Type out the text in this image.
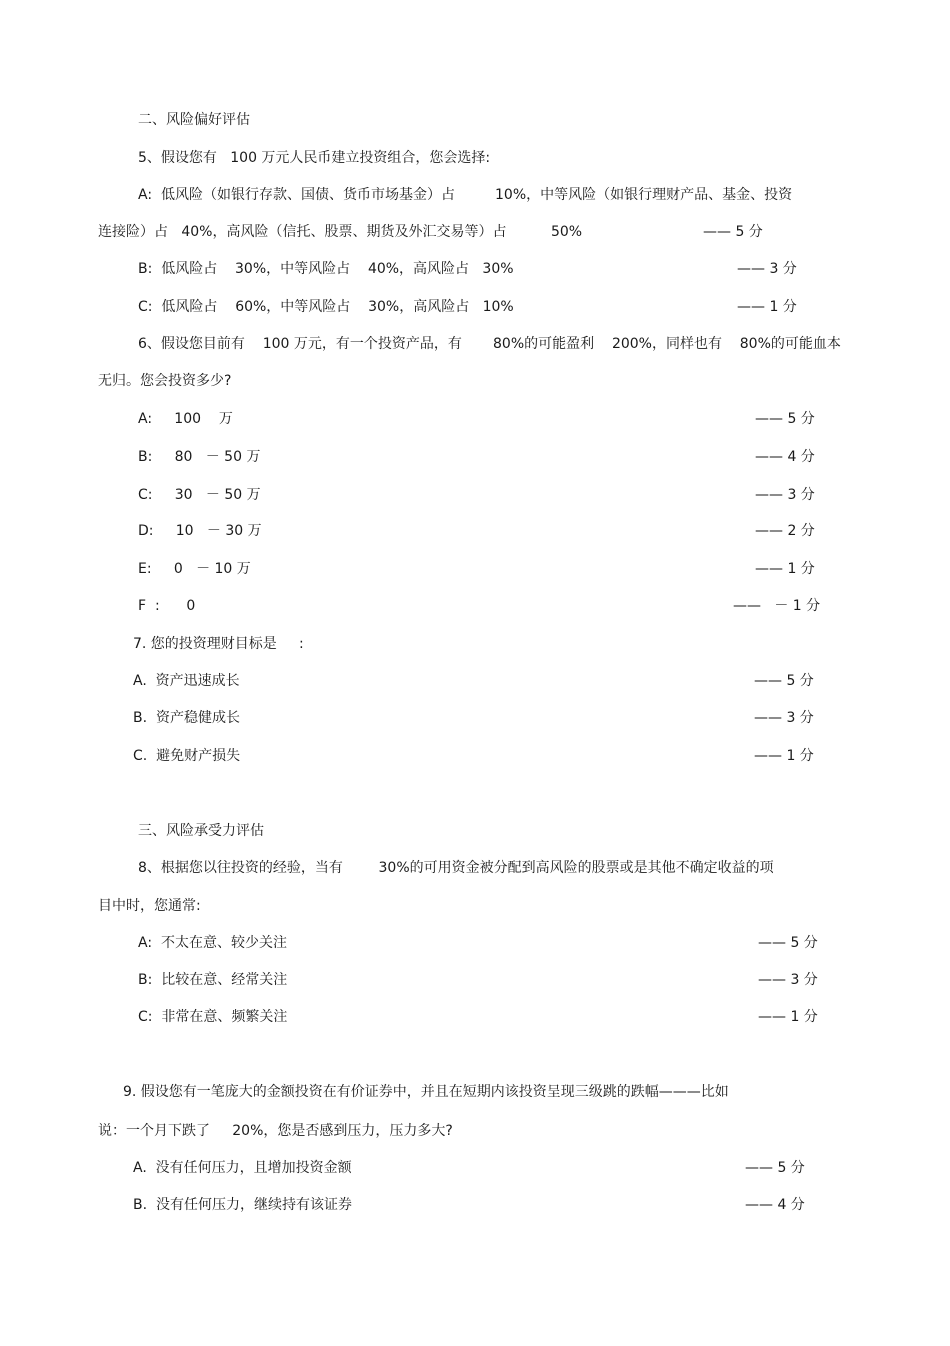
二、风险偏好评估
5、假设您有   100 万元人民币建立投资组合，您会选择:
A:  低风险（如银行存款、国债、货币市场基金）占         10%，中等风险（如银行理财产品、基金、投资
连接险）占   40%，高风险（信托、股票、期货及外汇交易等）占          50%	—— 5 分
B:  低风险占    30%，中等风险占    40%，高风险占   30%	—— 3 分
C:  低风险占    60%，中等风险占    30%，高风险占   10%	—— 1 分
6、假设您目前有    100 万元，有一个投资产品，有       80%的可能盈利    200%，同样也有    80%的可能血本
无归。您会投资多少?
A:     100    万	—— 5 分
B:     80   － 50 万	—— 4 分
C:     30   － 50 万	—— 3 分
D:     10   － 30 万	—— 2 分
E:     0   － 10 万	—— 1 分
F  :      0	——   － 1 分
7. 您的投资理财目标是     :
A.  资产迅速成长	—— 5 分
B.  资产稳健成长	—— 3 分
C.  避免财产损失	—— 1 分
三、风险承受力评估
8、根据您以往投资的经验，当有        30%的可用资金被分配到高风险的股票或是其他不确定收益的项
目中时，您通常:
A:  不太在意、较少关注	—— 5 分
B:  比较在意、经常关注	—— 3 分
C:  非常在意、频繁关注	—— 1 分
9. 假设您有一笔庞大的金额投资在有价证券中，并且在短期内该投资呈现三级跳的跌幅———比如
说：一个月下跌了     20%，您是否感到压力，压力多大?
A.  没有任何压力，且增加投资金额	—— 5 分
B.  没有任何压力，继续持有该证券	—— 4 分
